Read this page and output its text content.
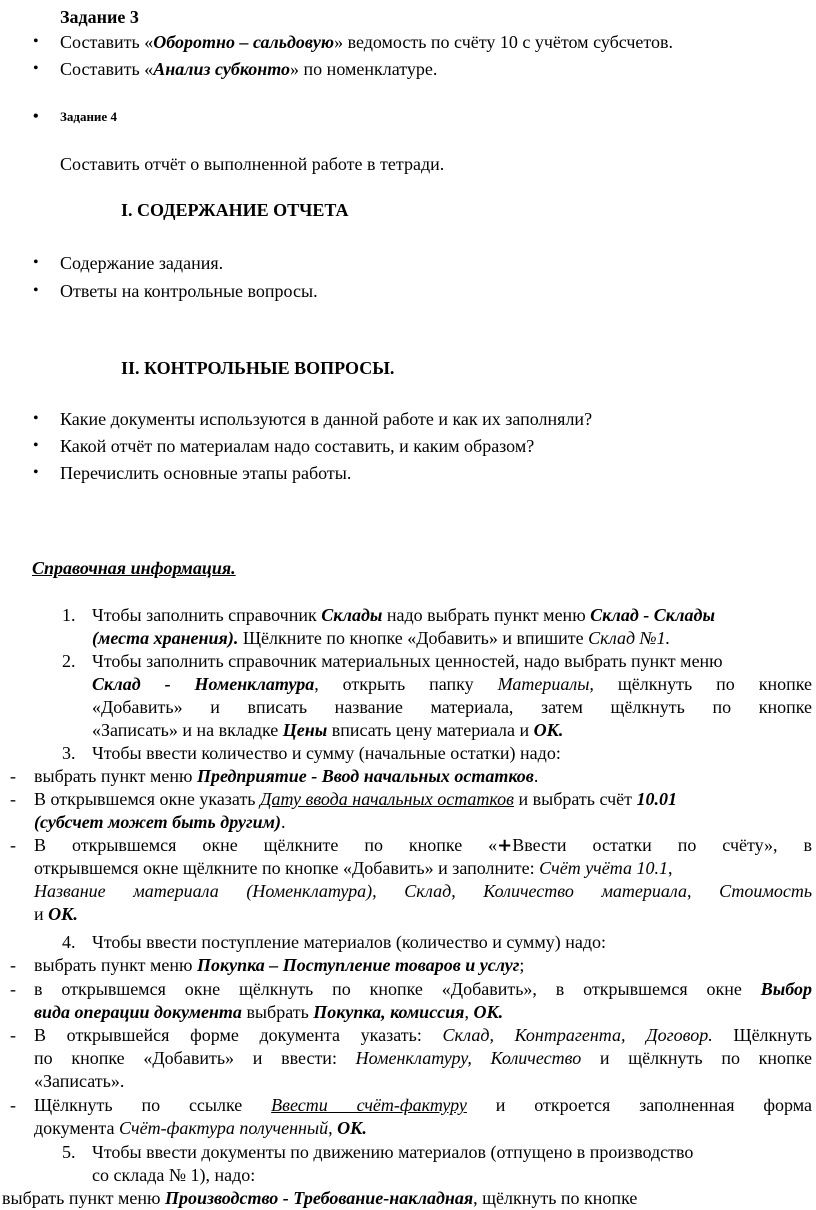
Задание 3
• Составить «Оборотно – сальдовую» ведомость по счёту 10 с учётом субсчетов.
• Составить «Анализ субконто» по номенклатуре.
• Задание 4
Составить отчёт о выполненной работе в тетради.
I. СОДЕРЖАНИЕ ОТЧЕТА
• Содержание задания.
• Ответы на контрольные вопросы.
II. КОНТРОЛЬНЫЕ ВОПРОСЫ.
• Какие документы используются в данной работе и как их заполняли?
• Какой отчёт по материалам надо составить, и каким образом?
• Перечислить основные этапы работы.
Справочная информация.
1. Чтобы заполнить справочник Склады надо выбрать пункт меню Склад - Склады
(места хранения). Щёлкните по кнопке «Добавить» и впишите Склад №1.
2. Чтобы заполнить справочник материальных ценностей, надо выбрать пункт меню
Склад - Номенклатура, открыть папку Материалы, щёлкнуть по кнопке
«Добавить» и вписать название материала, затем щёлкнуть по кнопке
«Записать» и на вкладке Цены вписать цену материала и ОК.
3. Чтобы ввести количество и сумму (начальные остатки) надо:
- выбрать пункт меню Предприятие - Ввод начальных остатков.
- В открывшемся окне указать Дату ввода начальных остатков и выбрать счёт 10.01
(субсчет может быть другим).
- В открывшемся окне щёлкните по кнопке «+Ввести остатки по счёту», в
открывшемся окне щёлкните по кнопке «Добавить» и заполните: Счёт учёта 10.1,
Название материала (Номенклатура), Склад, Количество материала, Стоимость
и ОК.
4. Чтобы ввести поступление материалов (количество и сумму) надо:
- выбрать пункт меню Покупка – Поступление товаров и услуг;
- в открывшемся окне щёлкнуть по кнопке «Добавить», в открывшемся окне Выбор
вида операции документа выбрать Покупка, комиссия, ОК.
- В открывшейся форме документа указать: Склад, Контрагента, Договор. Щёлкнуть
по кнопке «Добавить» и ввести: Номенклатуру, Количество и щёлкнуть по кнопке
«Записать».
- Щёлкнуть по ссылке Ввести счёт-фактуру и откроется заполненная форма
документа Счёт-фактура полученный, ОК.
5. Чтобы ввести документы по движению материалов (отпущено в производство
со склада № 1), надо:
выбрать пункт меню Производство - Требование-накладная, щёлкнуть по кнопке
